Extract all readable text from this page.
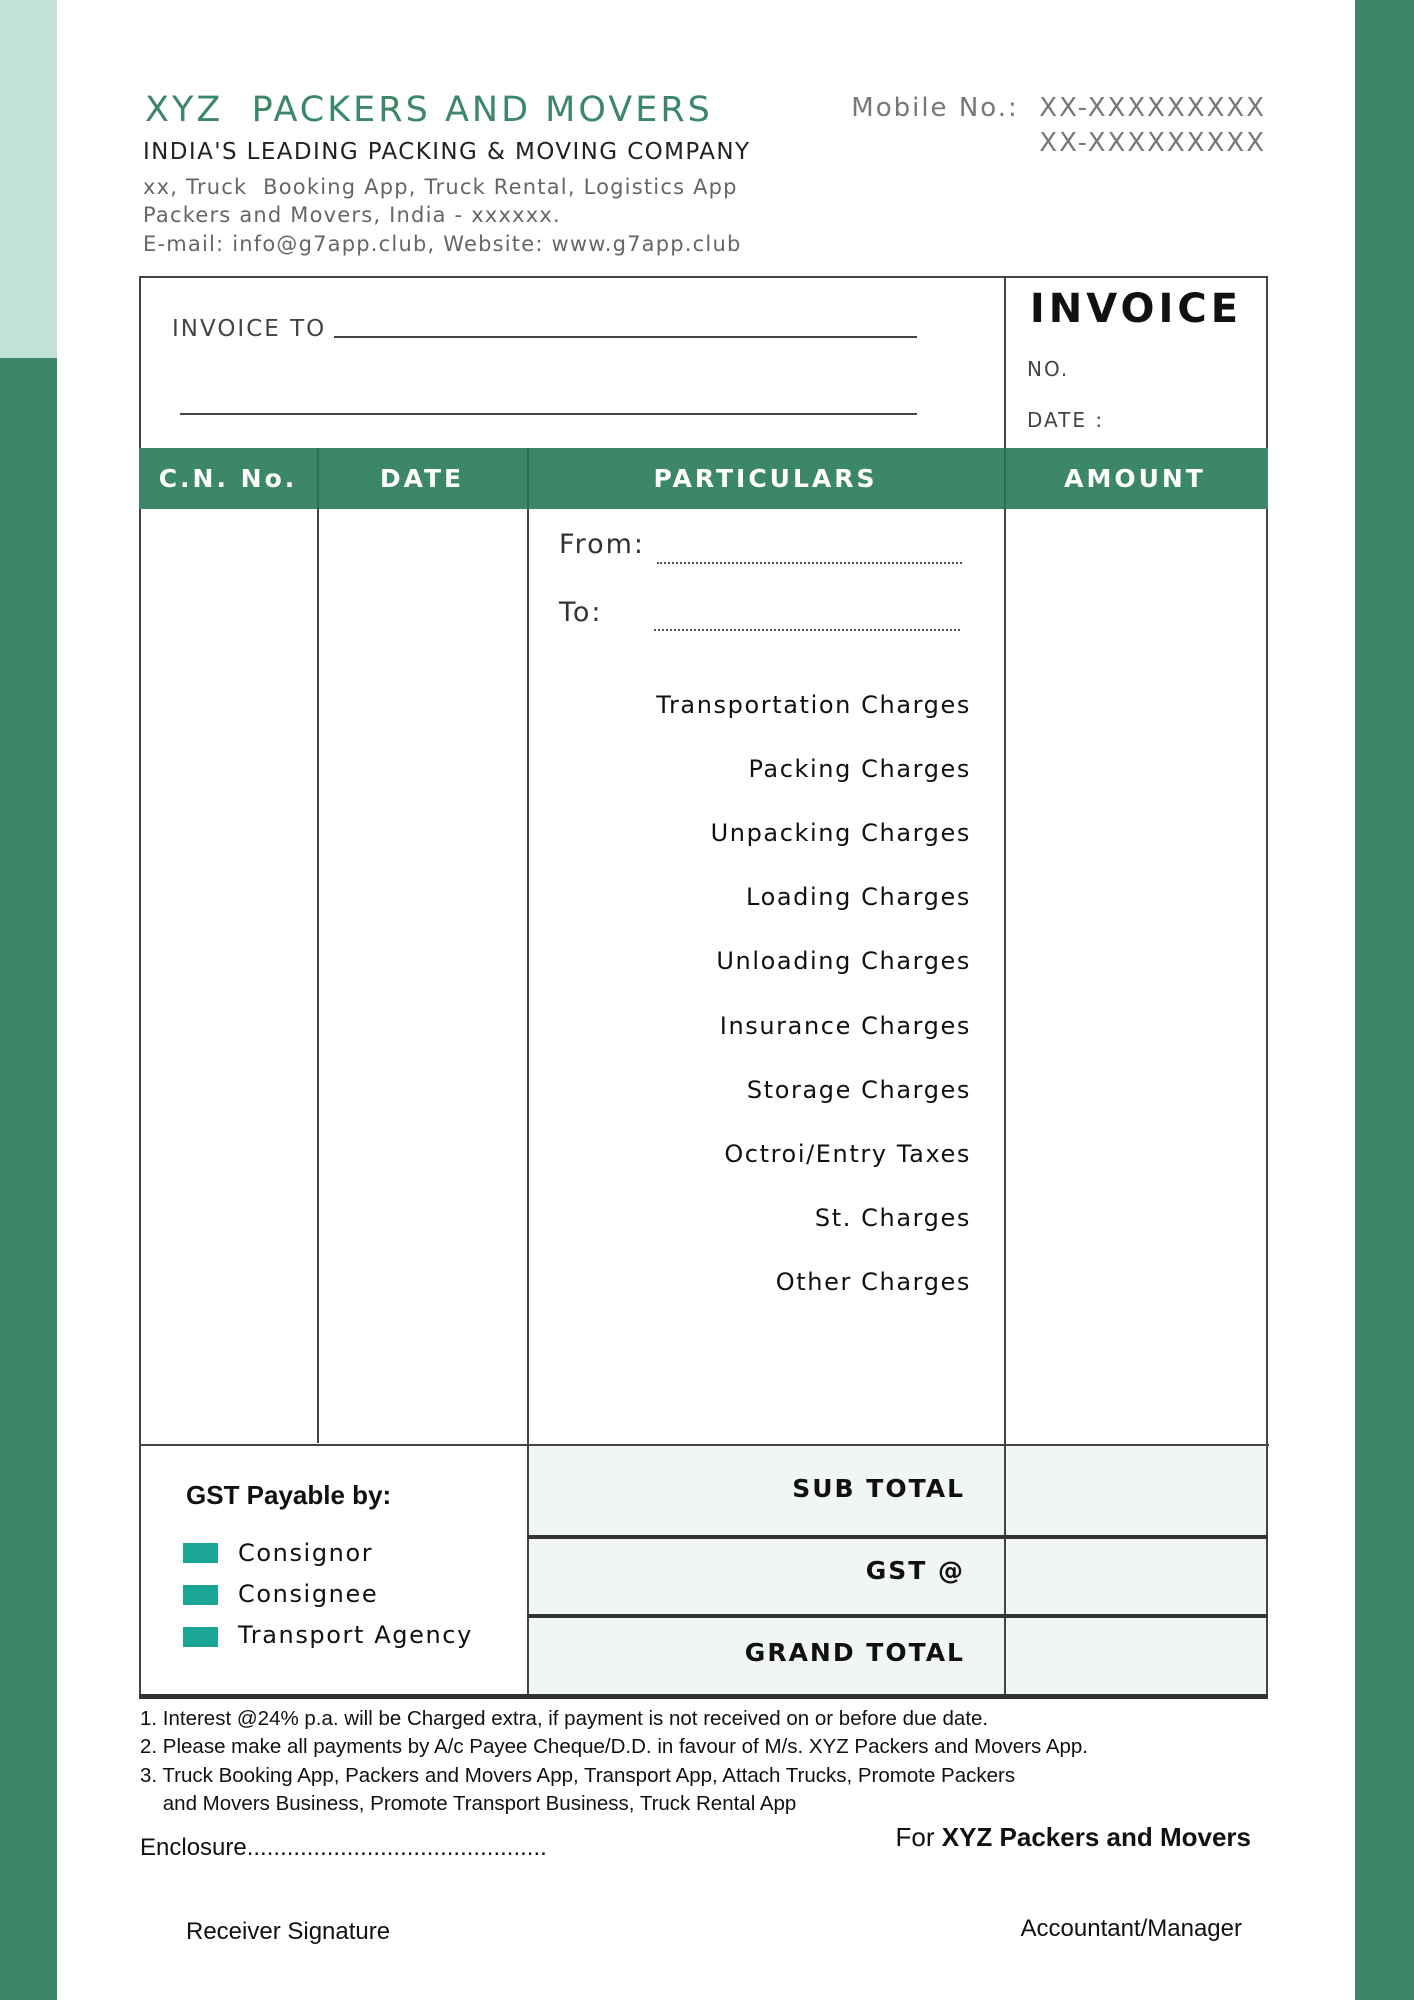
XYZ  PACKERS AND MOVERS
INDIA'S LEADING PACKING & MOVING COMPANY
xx, Truck  Booking App, Truck Rental, Logistics App
Packers and Movers, India - xxxxxx.
E-mail: info@g7app.club, Website: www.g7app.club
Mobile No.: XX-XXXXXXXXX
XX-XXXXXXXXX
INVOICE TO	INVOICE
NO.
DATE :
C.N. No.	DATE	PARTICULARS	AMOUNT
From:
To:
Transportation Charges
Packing Charges
Unpacking Charges
Loading Charges
Unloading Charges
Insurance Charges
Storage Charges
Octroi/Entry Taxes
St. Charges
Other Charges
SUB TOTAL
GST @
GRAND TOTAL
GST Payable by:
Consignor
Consignee
Transport Agency
1. Interest @24% p.a. will be Charged extra, if payment is not received on or before due date.
2. Please make all payments by A/c Payee Cheque/D.D. in favour of M/s. XYZ Packers and Movers App.
3. Truck Booking App, Packers and Movers App, Transport App, Attach Trucks, Promote Packers
and Movers Business, Promote Transport Business, Truck Rental App
Enclosure.............................................	For XYZ Packers and Movers
Receiver Signature	Accountant/Manager
